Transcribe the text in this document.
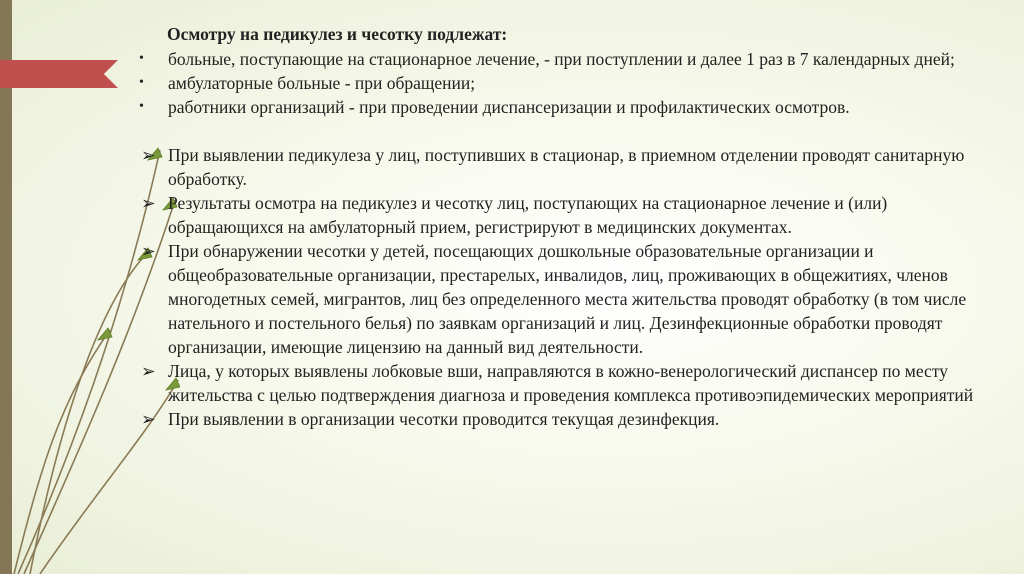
Осмотру на педикулез и чесотку подлежат:
•	больные, поступающие на стационарное лечение, - при поступлении и далее 1 раз в 7 календарных дней;
•	амбулаторные больные - при обращении;
•	работники организаций - при проведении диспансеризации и профилактических осмотров.
➢ При выявлении педикулеза у лиц, поступивших в стационар, в приемном отделении проводят санитарную обработку.
➢ Результаты осмотра на педикулез и чесотку лиц, поступающих на стационарное лечение и (или) обращающихся на амбулаторный прием, регистрируют в медицинских документах.
➢ При обнаружении чесотки у детей, посещающих дошкольные образовательные организации и общеобразовательные организации, престарелых, инвалидов, лиц, проживающих в общежитиях, членов многодетных семей, мигрантов, лиц без определенного места жительства проводят обработку (в том числе нательного и постельного белья) по заявкам организаций и лиц. Дезинфекционные обработки проводят организации, имеющие лицензию на данный вид деятельности.
➢ Лица, у которых выявлены лобковые вши, направляются в кожно-венерологический диспансер по месту жительства с целью подтверждения диагноза и проведения комплекса противоэпидемических мероприятий
➢ При выявлении в организации чесотки проводится текущая дезинфекция.
